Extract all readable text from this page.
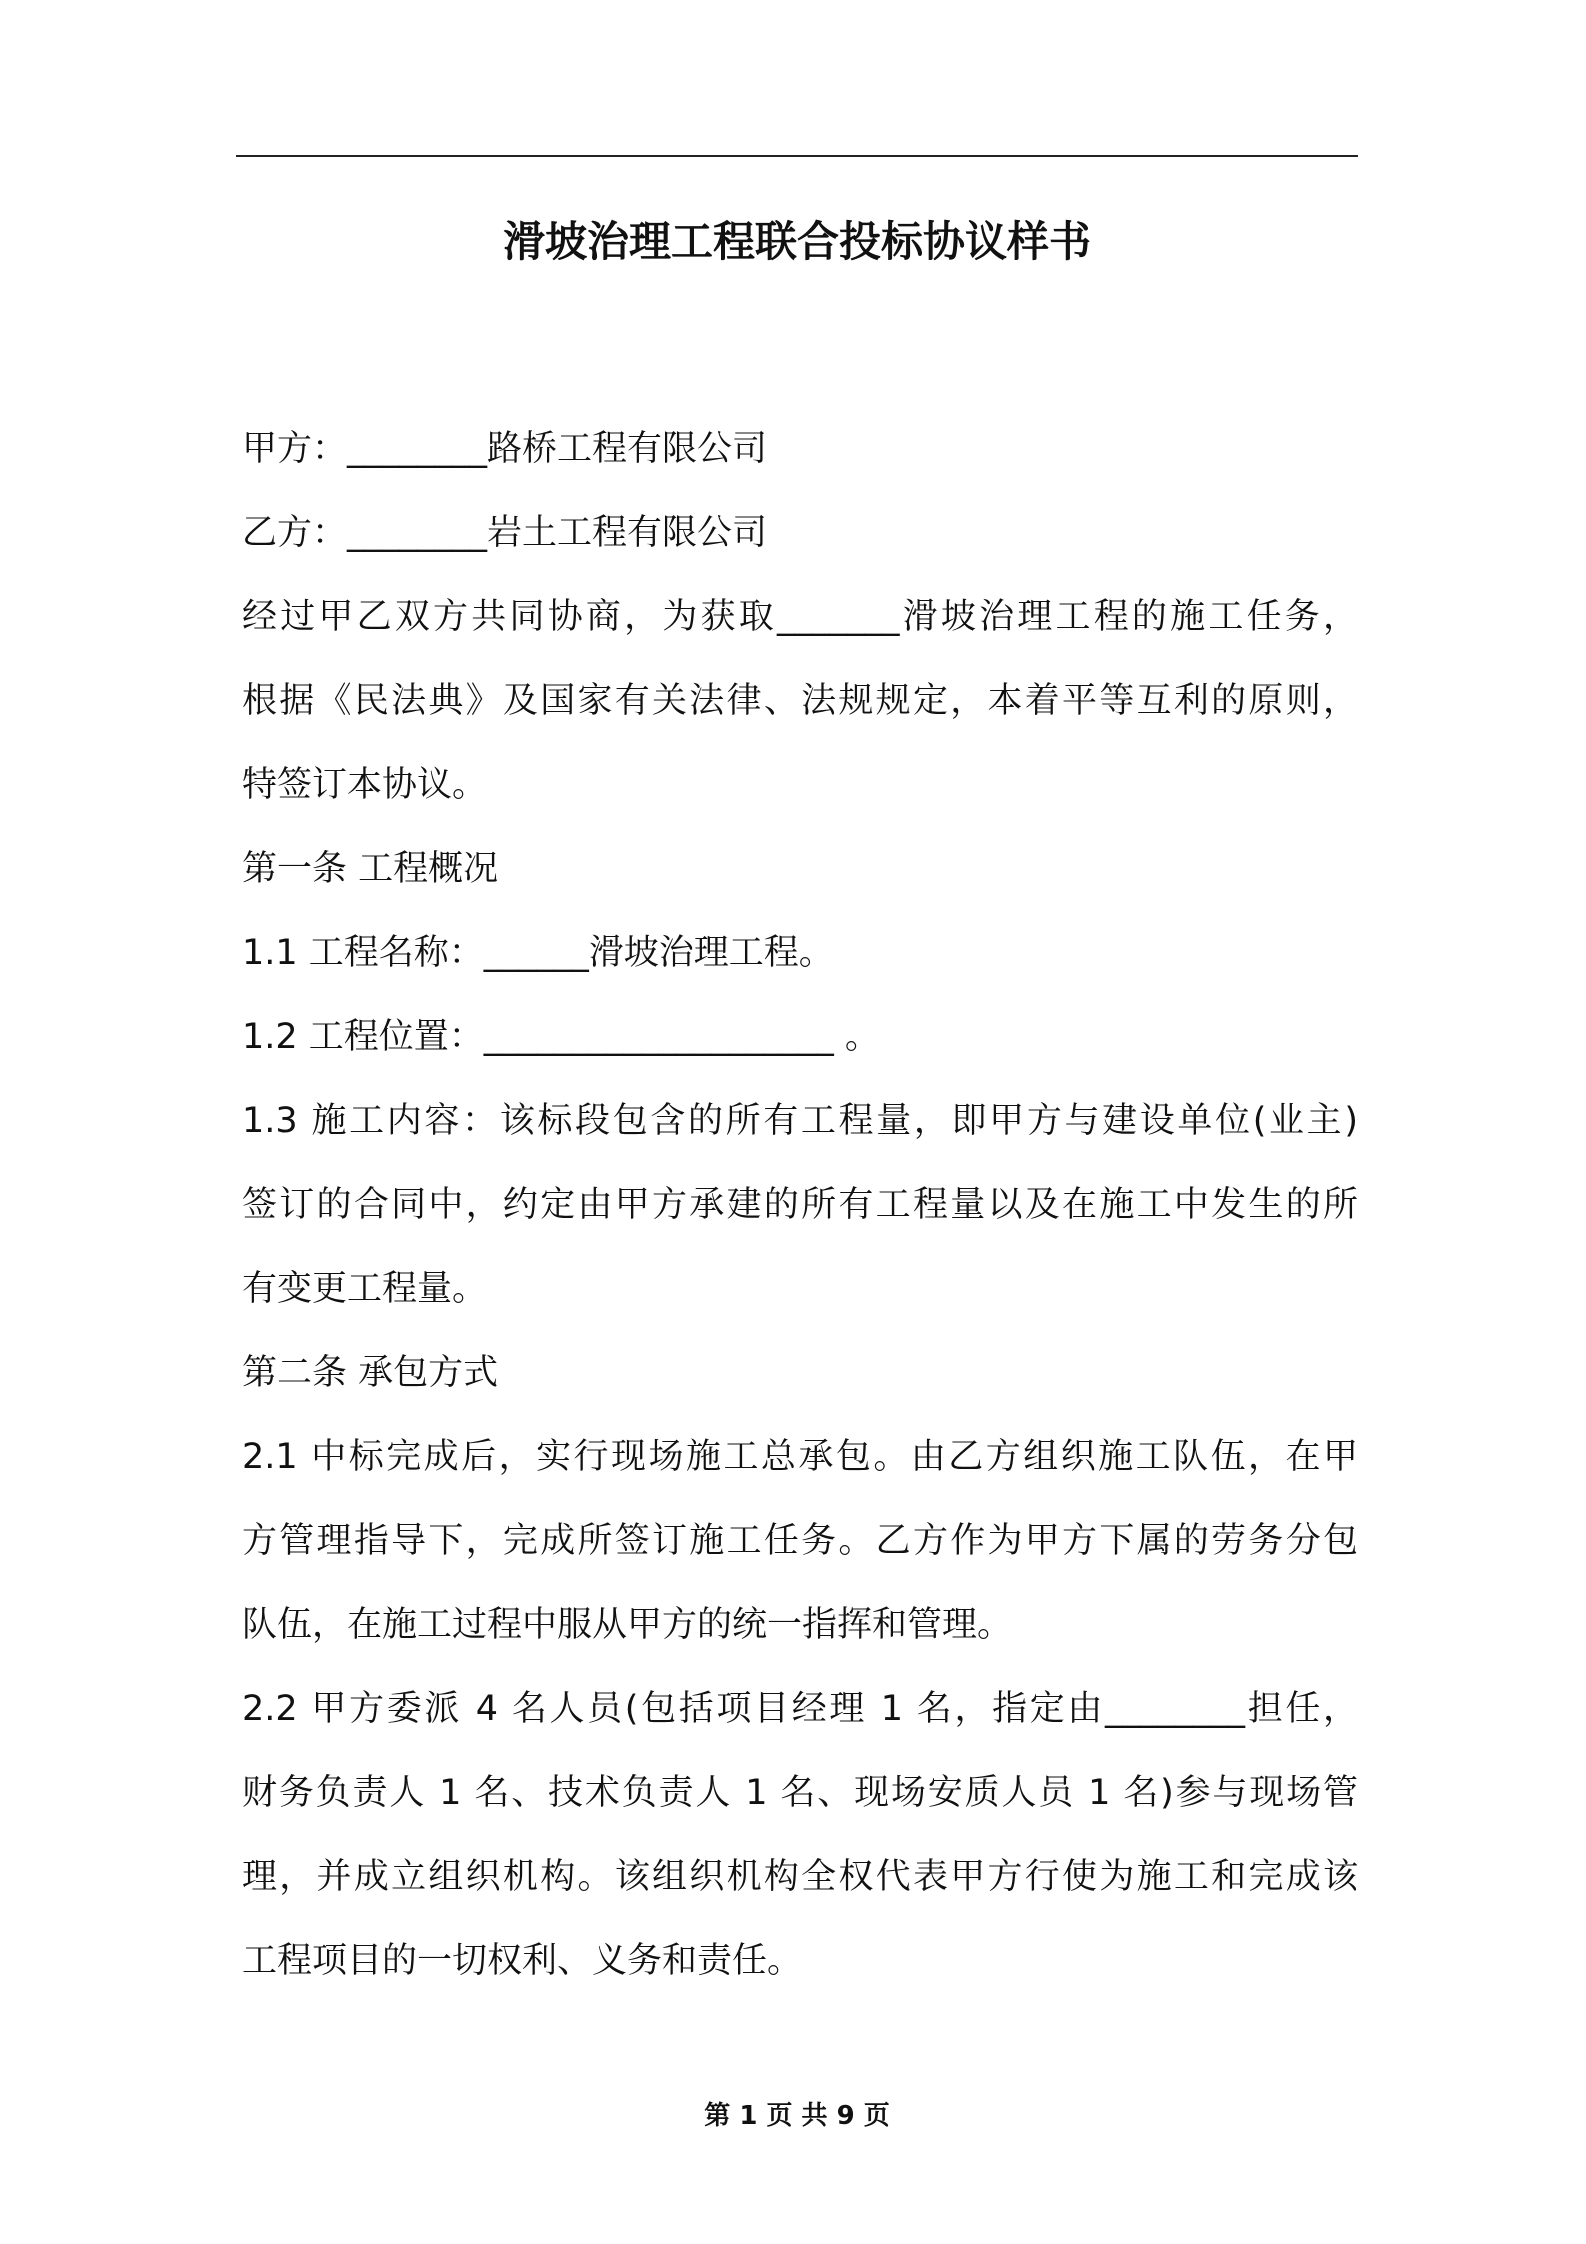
滑坡治理工程联合投标协议样书
甲方：________路桥工程有限公司
乙方：________岩土工程有限公司
经过甲乙双方共同协商，为获取_______滑坡治理工程的施工任务，
根据《民法典》及国家有关法律、法规规定，本着平等互利的原则，
特签订本协议。
第一条 工程概况
1.1 工程名称：______滑坡治理工程。
1.2 工程位置：____________________ 。
1.3 施工内容：该标段包含的所有工程量，即甲方与建设单位(业主)
签订的合同中，约定由甲方承建的所有工程量以及在施工中发生的所
有变更工程量。
第二条 承包方式
2.1 中标完成后，实行现场施工总承包。由乙方组织施工队伍，在甲
方管理指导下，完成所签订施工任务。乙方作为甲方下属的劳务分包
队伍，在施工过程中服从甲方的统一指挥和管理。
2.2 甲方委派 4 名人员(包括项目经理 1 名，指定由________担任，
财务负责人 1 名、技术负责人 1 名、现场安质人员 1 名)参与现场管
理，并成立组织机构。该组织机构全权代表甲方行使为施工和完成该
工程项目的一切权利、义务和责任。
第 1 页 共 9 页
